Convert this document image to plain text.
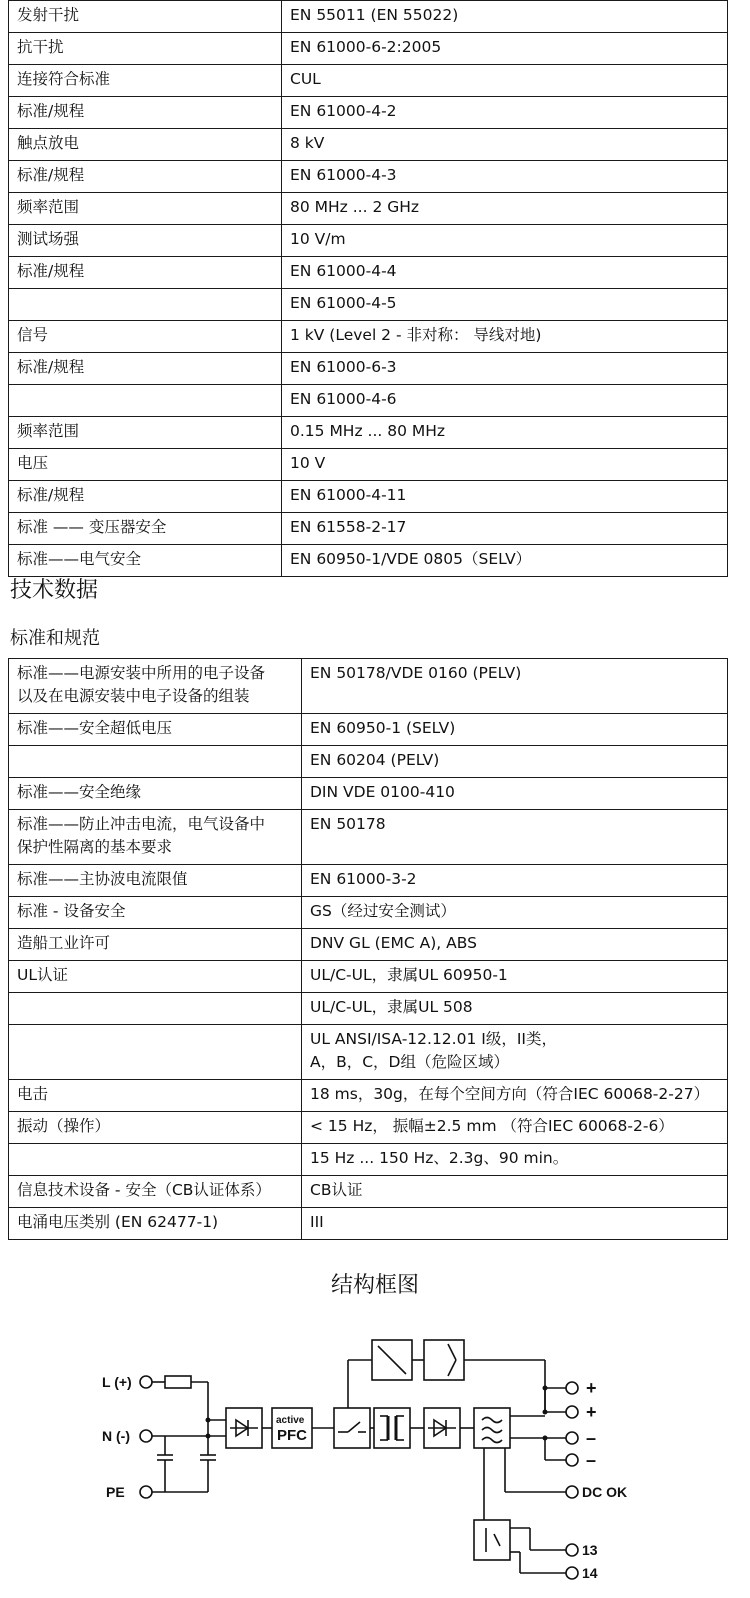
发射干扰	EN 55011 (EN 55022)
抗干扰	EN 61000-6-2:2005
连接符合标准	CUL
标准/规程	EN 61000-4-2
触点放电	8 kV
标准/规程	EN 61000-4-3
频率范围	80 MHz ... 2 GHz
测试场强	10 V/m
标准/规程	EN 61000-4-4
	EN 61000-4-5
信号	1 kV (Level 2 - 非对称： 导线对地)
标准/规程	EN 61000-6-3
	EN 61000-4-6
频率范围	0.15 MHz ... 80 MHz
电压	10 V
标准/规程	EN 61000-4-11
标准 —— 变压器安全	EN 61558-2-17
标准——电气安全	EN 60950-1/VDE 0805（SELV）
技术数据
标准和规范
标准——电源安装中所用的电子设备
以及在电源安装中电子设备的组装	EN 50178/VDE 0160 (PELV)
标准——安全超低电压	EN 60950-1 (SELV)
	EN 60204 (PELV)
标准——安全绝缘	DIN VDE 0100-410
标准——防止冲击电流，电气设备中
保护性隔离的基本要求	EN 50178
标准——主协波电流限值	EN 61000-3-2
标准 - 设备安全	GS（经过安全测试）
造船工业许可	DNV GL (EMC A), ABS
UL认证	UL/C-UL，隶属UL 60950-1
	UL/C-UL，隶属UL 508
	UL ANSI/ISA-12.12.01 I级，II类，
A，B，C，D组（危险区域）
电击	18 ms，30g，在每个空间方向（符合IEC 60068-2-27）
振动（操作）	< 15 Hz， 振幅±2.5 mm （符合IEC 60068-2-6）
	15 Hz ... 150 Hz、2.3g、90 min。
信息技术设备 - 安全（CB认证体系）	CB认证
电涌电压类别 (EN 62477-1)	III
结构框图
L (+)
N (-)
PE
active
PFC
+
+
–
–
DC OK
13
14
